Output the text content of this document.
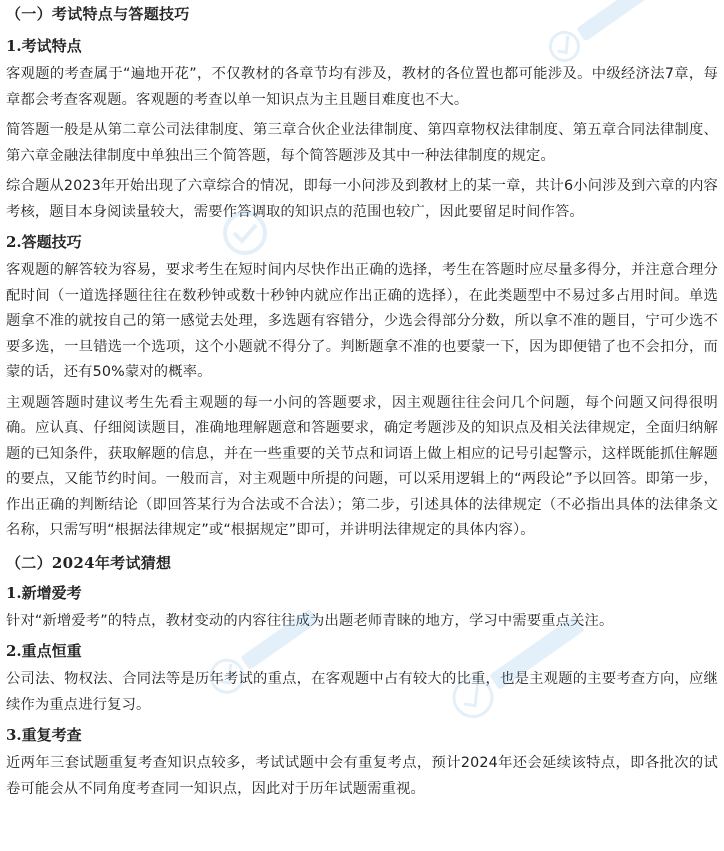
（一）考试特点与答题技巧
1.考试特点

客观题的考查属于“遍地开花”，不仅教材的各章节均有涉及，教材的各位置也都可能涉及。中级经济法7章，每章都会考查客观题。客观题的考查以单一知识点为主且题目难度也不大。

简答题一般是从第二章公司法律制度、第三章合伙企业法律制度、第四章物权法律制度、第五章合同法律制度、第六章金融法律制度中单独出三个简答题，每个简答题涉及其中一种法律制度的规定。

综合题从2023年开始出现了六章综合的情况，即每一小问涉及到教材上的某一章，共计6小问涉及到六章的内容考核，题目本身阅读量较大，需要作答调取的知识点的范围也较广，因此要留足时间作答。

2.答题技巧

客观题的解答较为容易，要求考生在短时间内尽快作出正确的选择，考生在答题时应尽量多得分，并注意合理分配时间（一道选择题往往在数秒钟或数十秒钟内就应作出正确的选择），在此类题型中不易过多占用时间。单选题拿不准的就按自己的第一感觉去处理，多选题有容错分，少选会得部分分数，所以拿不准的题目，宁可少选不要多选，一旦错选一个选项，这个小题就不得分了。判断题拿不准的也要蒙一下，因为即便错了也不会扣分，而蒙的话，还有50%蒙对的概率。

主观题答题时建议考生先看主观题的每一小问的答题要求，因主观题往往会问几个问题，每个问题又问得很明确。应认真、仔细阅读题目，准确地理解题意和答题要求，确定考题涉及的知识点及相关法律规定，全面归纳解题的已知条件，获取解题的信息，并在一些重要的关节点和词语上做上相应的记号引起警示，这样既能抓住解题的要点，又能节约时间。一般而言，对主观题中所提的问题，可以采用逻辑上的“两段论”予以回答。即第一步，作出正确的判断结论（即回答某行为合法或不合法）；第二步，引述具体的法律规定（不必指出具体的法律条文名称，只需写明“根据法律规定”或“根据规定”即可，并讲明法律规定的具体内容）。

（二）2024年考试猜想
1.新增爱考

针对“新增爱考”的特点，教材变动的内容往往成为出题老师青睐的地方，学习中需要重点关注。

2.重点恒重

公司法、物权法、合同法等是历年考试的重点，在客观题中占有较大的比重，也是主观题的主要考查方向，应继续作为重点进行复习。

3.重复考查

近两年三套试题重复考查知识点较多，考试试题中会有重复考点，预计2024年还会延续该特点，即各批次的试卷可能会从不同角度考查同一知识点，因此对于历年试题需重视。
